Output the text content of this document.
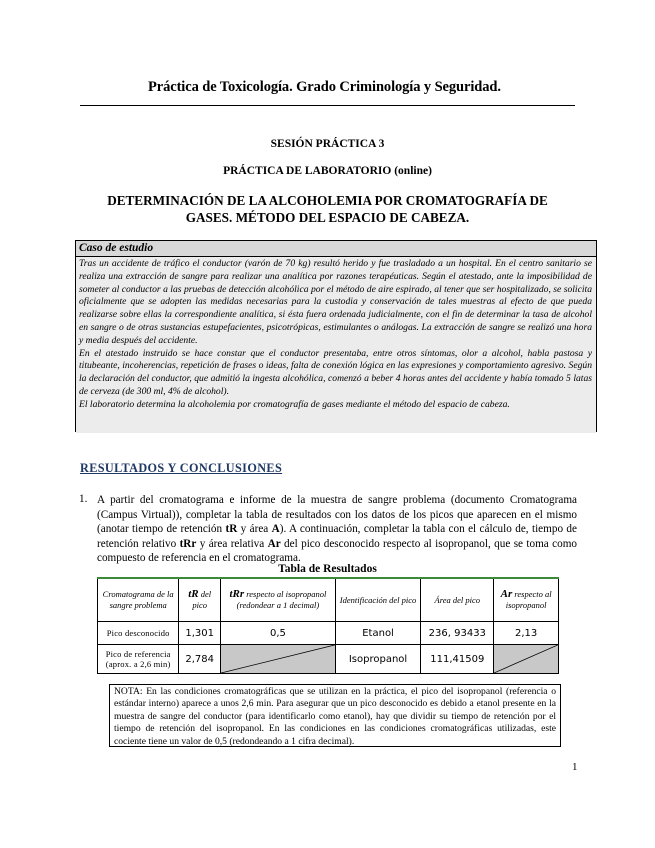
Práctica de Toxicología. Grado Criminología y Seguridad.
SESIÓN PRÁCTICA 3
PRÁCTICA DE LABORATORIO (online)
DETERMINACIÓN DE LA ALCOHOLEMIA POR CROMATOGRAFÍA DE
GASES. MÉTODO DEL ESPACIO DE CABEZA.
Caso de estudio

Tras un accidente de tráfico el conductor (varón de 70 kg) resultó herido y fue trasladado a un hospital. En el centro sanitario se realiza una extracción de sangre para realizar una analítica por razones terapéuticas. Según el atestado, ante la imposibilidad de someter al conductor a las pruebas de detección alcohólica por el método de aire espirado, al tener que ser hospitalizado, se solicita oficialmente que se adopten las medidas necesarias para la custodia y conservación de tales muestras al efecto de que pueda realizarse sobre ellas la correspondiente analítica, si ésta fuera ordenada judicialmente, con el fin de determinar la tasa de alcohol en sangre o de otras sustancias estupefacientes, psicotrópicas, estimulantes o análogas. La extracción de sangre se realizó una hora y media después del accidente.

En el atestado instruido se hace constar que el conductor presentaba, entre otros síntomas, olor a alcohol, habla pastosa y titubeante, incoherencias, repetición de frases o ideas, falta de conexión lógica en las expresiones y comportamiento agresivo. Según la declaración del conductor, que admitió la ingesta alcohólica, comenzó a beber 4 horas antes del accidente y había tomado 5 latas de cerveza (de 300 ml, 4% de alcohol).

El laboratorio determina la alcoholemia por cromatografía de gases mediante el método del espacio de cabeza.

RESULTADOS Y CONCLUSIONES
1. A partir del cromatograma e informe de la muestra de sangre problema (documento Cromatograma (Campus Virtual)), completar la tabla de resultados con los datos de los picos que aparecen en el mismo (anotar tiempo de retención tR y área A). A continuación, completar la tabla con el cálculo de, tiempo de retención relativo tRr y área relativa Ar del pico desconocido respecto al isopropanol, que se toma como compuesto de referencia en el cromatograma.
Tabla de Resultados
Cromatograma de la sangre problema	tR del pico	tRr respecto al isopropanol (redondear a 1 decimal)	Identificación del pico	Área del pico	Ar respecto al isopropanol
Pico desconocido	1,301	0,5	Etanol	236, 93433	2,13
Pico de referencia (aprox. a 2,6 min)	2,784		Isopropanol	111,41509	
NOTA: En las condiciones cromatográficas que se utilizan en la práctica, el pico del isopropanol (referencia o estándar interno) aparece a unos 2,6 min. Para asegurar que un pico desconocido es debido a etanol presente en la muestra de sangre del conductor (para identificarlo como etanol), hay que dividir su tiempo de retención por el tiempo de retención del isopropanol. En las condiciones en las condiciones cromatográficas utilizadas, este cociente tiene un valor de 0,5 (redondeando a 1 cifra decimal).
1
